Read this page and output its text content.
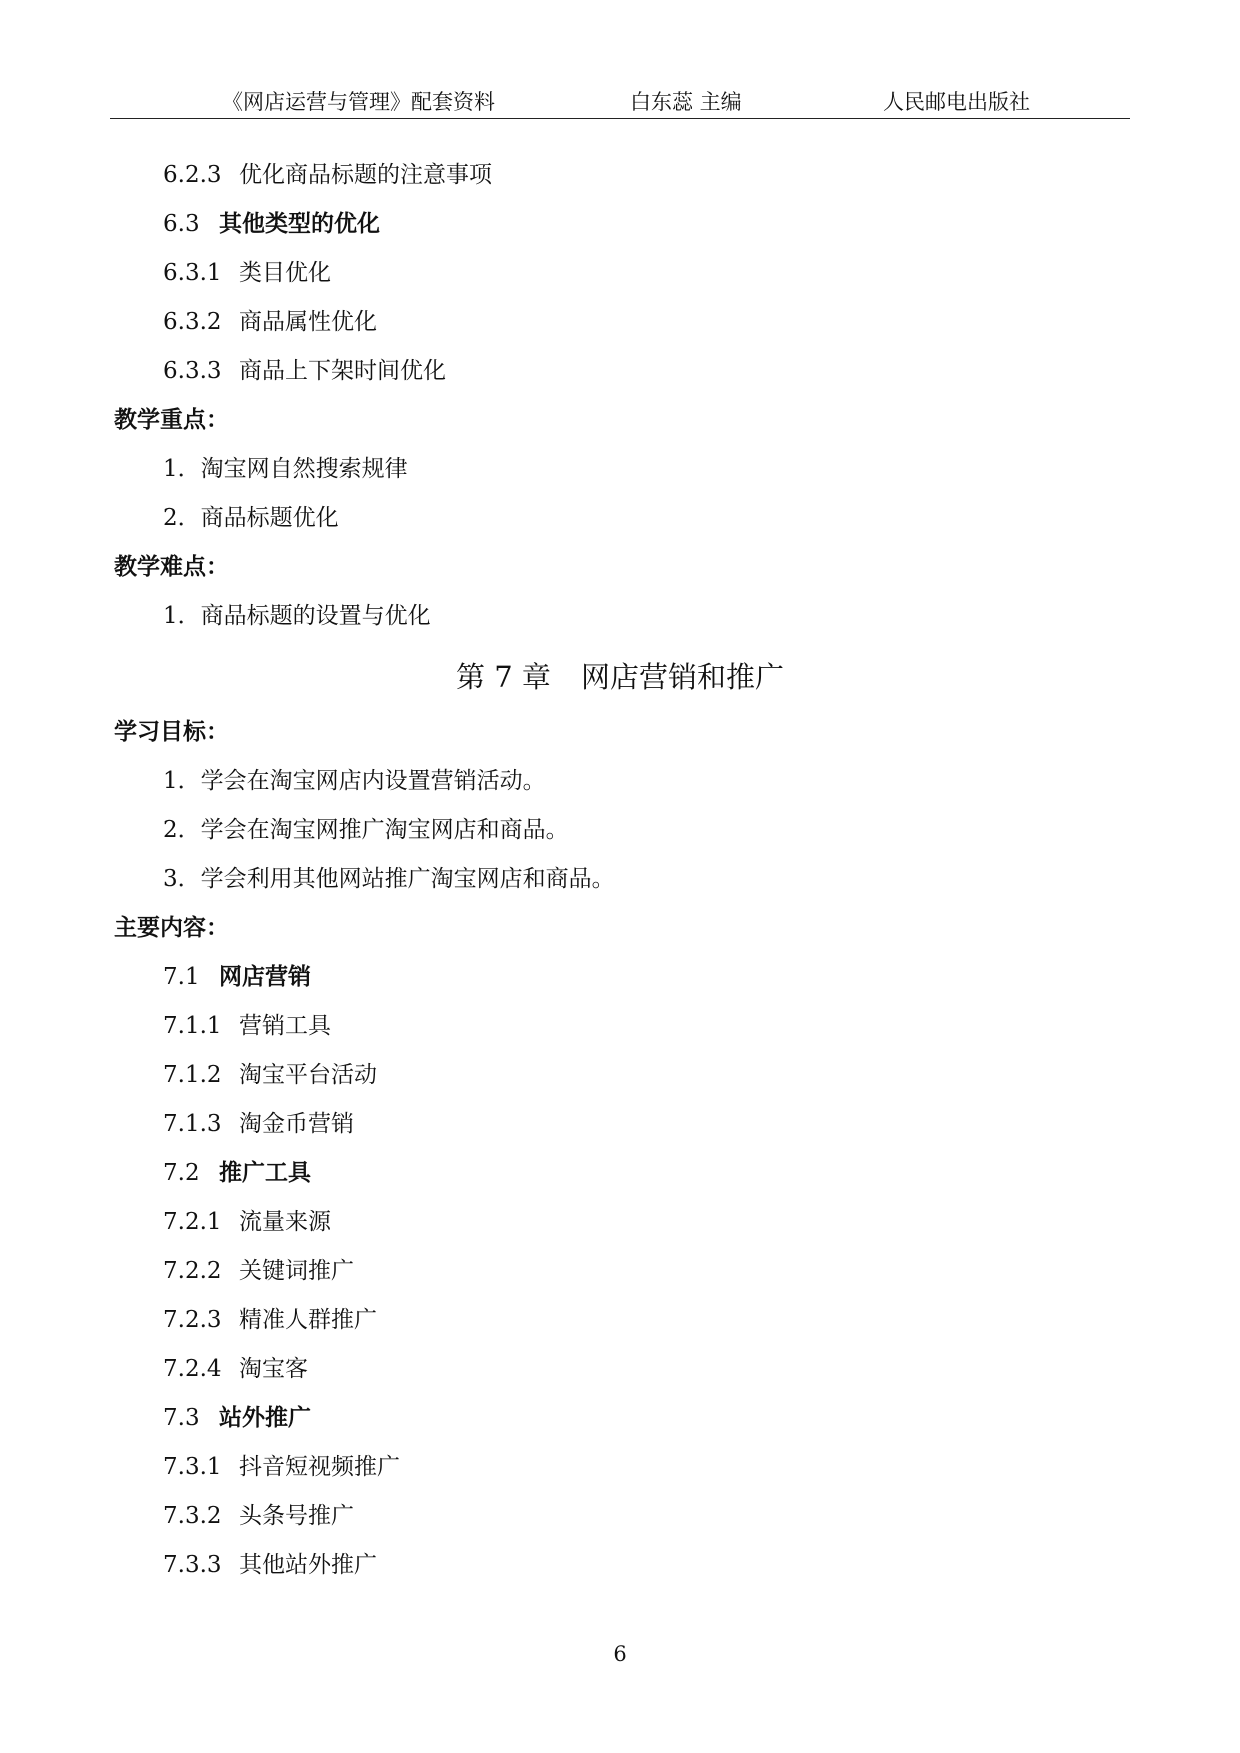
《网店运营与管理》配套资料	白东蕊 主编	人民邮电出版社
6.2.3 优化商品标题的注意事项
6.3 其他类型的优化
6.3.1 类目优化
6.3.2 商品属性优化
6.3.3 商品上下架时间优化
教学重点：
1．淘宝网自然搜索规律
2．商品标题优化
教学难点：
1．商品标题的设置与优化
第 7 章 网店营销和推广
学习目标：
1．学会在淘宝网店内设置营销活动。
2．学会在淘宝网推广淘宝网店和商品。
3．学会利用其他网站推广淘宝网店和商品。
主要内容：
7.1 网店营销
7.1.1 营销工具
7.1.2 淘宝平台活动
7.1.3 淘金币营销
7.2 推广工具
7.2.1 流量来源
7.2.2 关键词推广
7.2.3 精准人群推广
7.2.4 淘宝客
7.3 站外推广
7.3.1 抖音短视频推广
7.3.2 头条号推广
7.3.3 其他站外推广
6
